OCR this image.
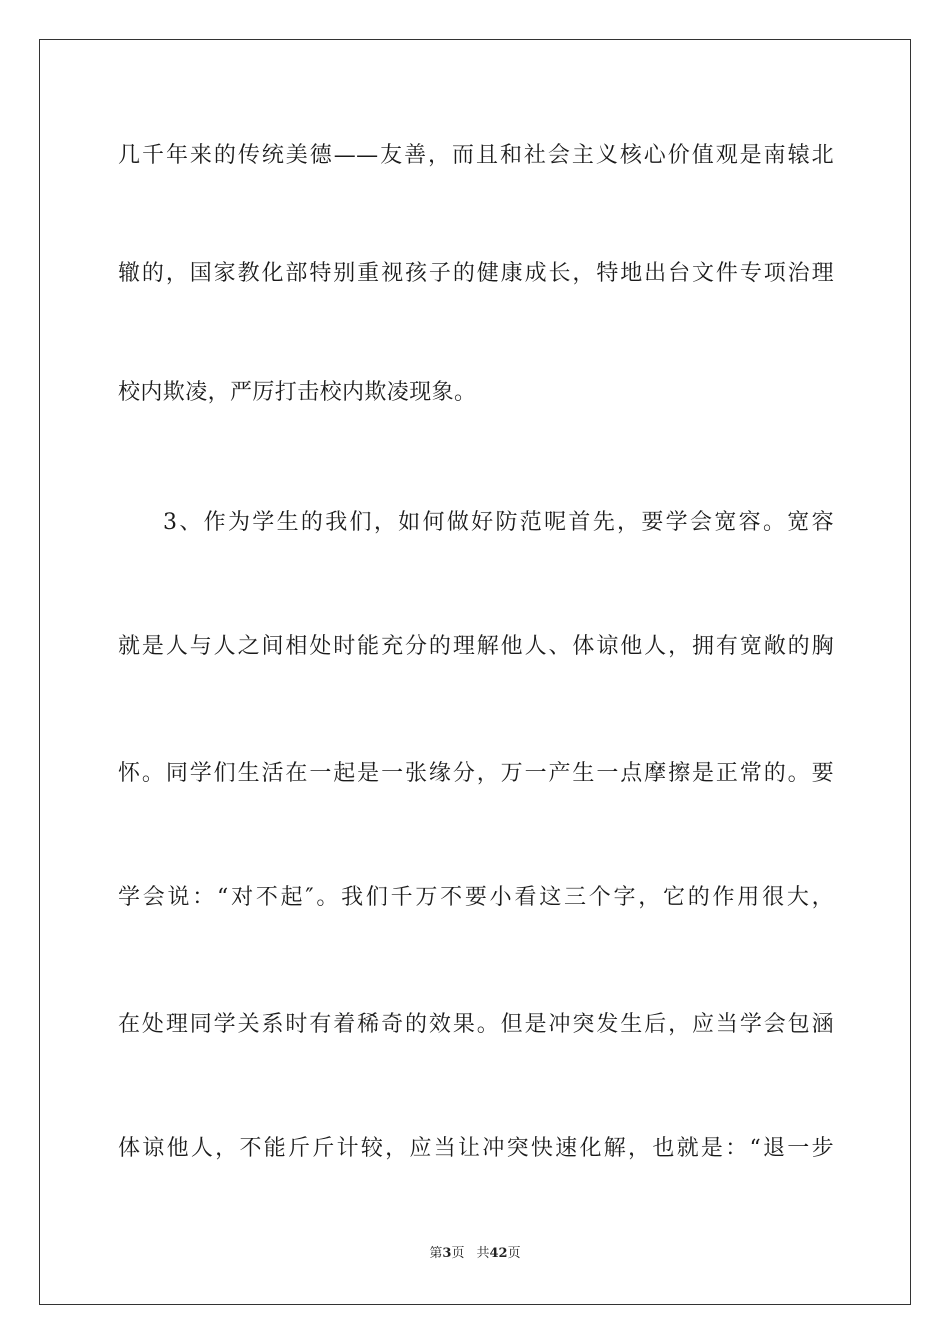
几千年来的传统美德——友善，而且和社会主义核心价值观是南辕北
辙的，国家教化部特别重视孩子的健康成长，特地出台文件专项治理
校内欺凌，严厉打击校内欺凌现象。
3、作为学生的我们，如何做好防范呢首先，要学会宽容。宽容
就是人与人之间相处时能充分的理解他人、体谅他人，拥有宽敞的胸
怀。同学们生活在一起是一张缘分，万一产生一点摩擦是正常的。要
学会说：“对不起″。我们千万不要小看这三个字，它的作用很大，
在处理同学关系时有着稀奇的效果。但是冲突发生后，应当学会包涵
体谅他人，不能斤斤计较，应当让冲突快速化解，也就是：“退一步
第3页 共42页
